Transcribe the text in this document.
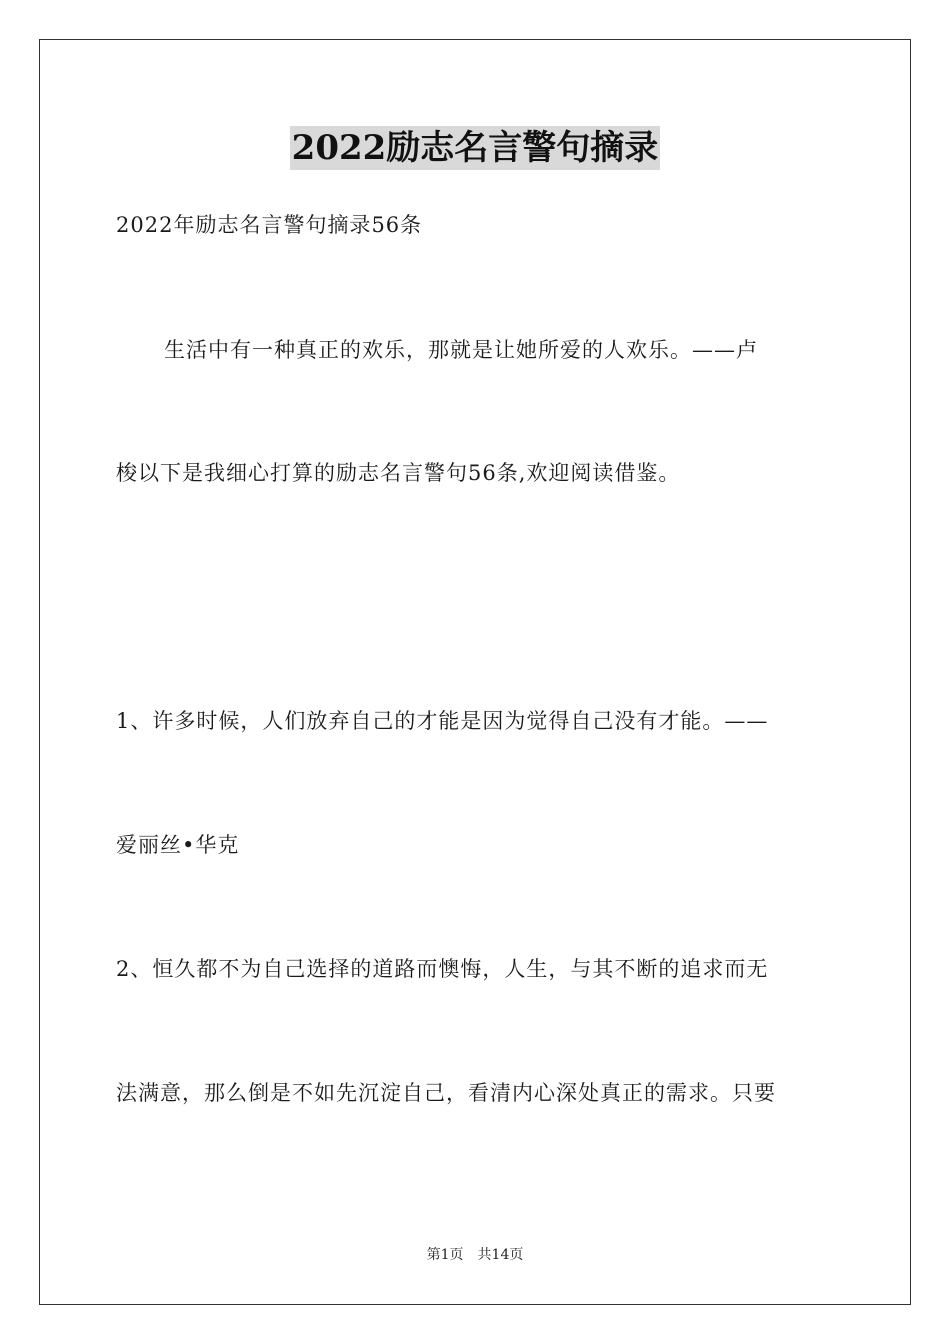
2022励志名言警句摘录
2022年励志名言警句摘录56条
生活中有一种真正的欢乐，那就是让她所爱的人欢乐。——卢
梭以下是我细心打算的励志名言警句56条,欢迎阅读借鉴。
1、许多时候，人们放弃自己的才能是因为觉得自己没有才能。——
爱丽丝•华克
2、恒久都不为自己选择的道路而懊悔，人生，与其不断的追求而无
法满意，那么倒是不如先沉淀自己，看清内心深处真正的需求。只要
第1页 共14页
